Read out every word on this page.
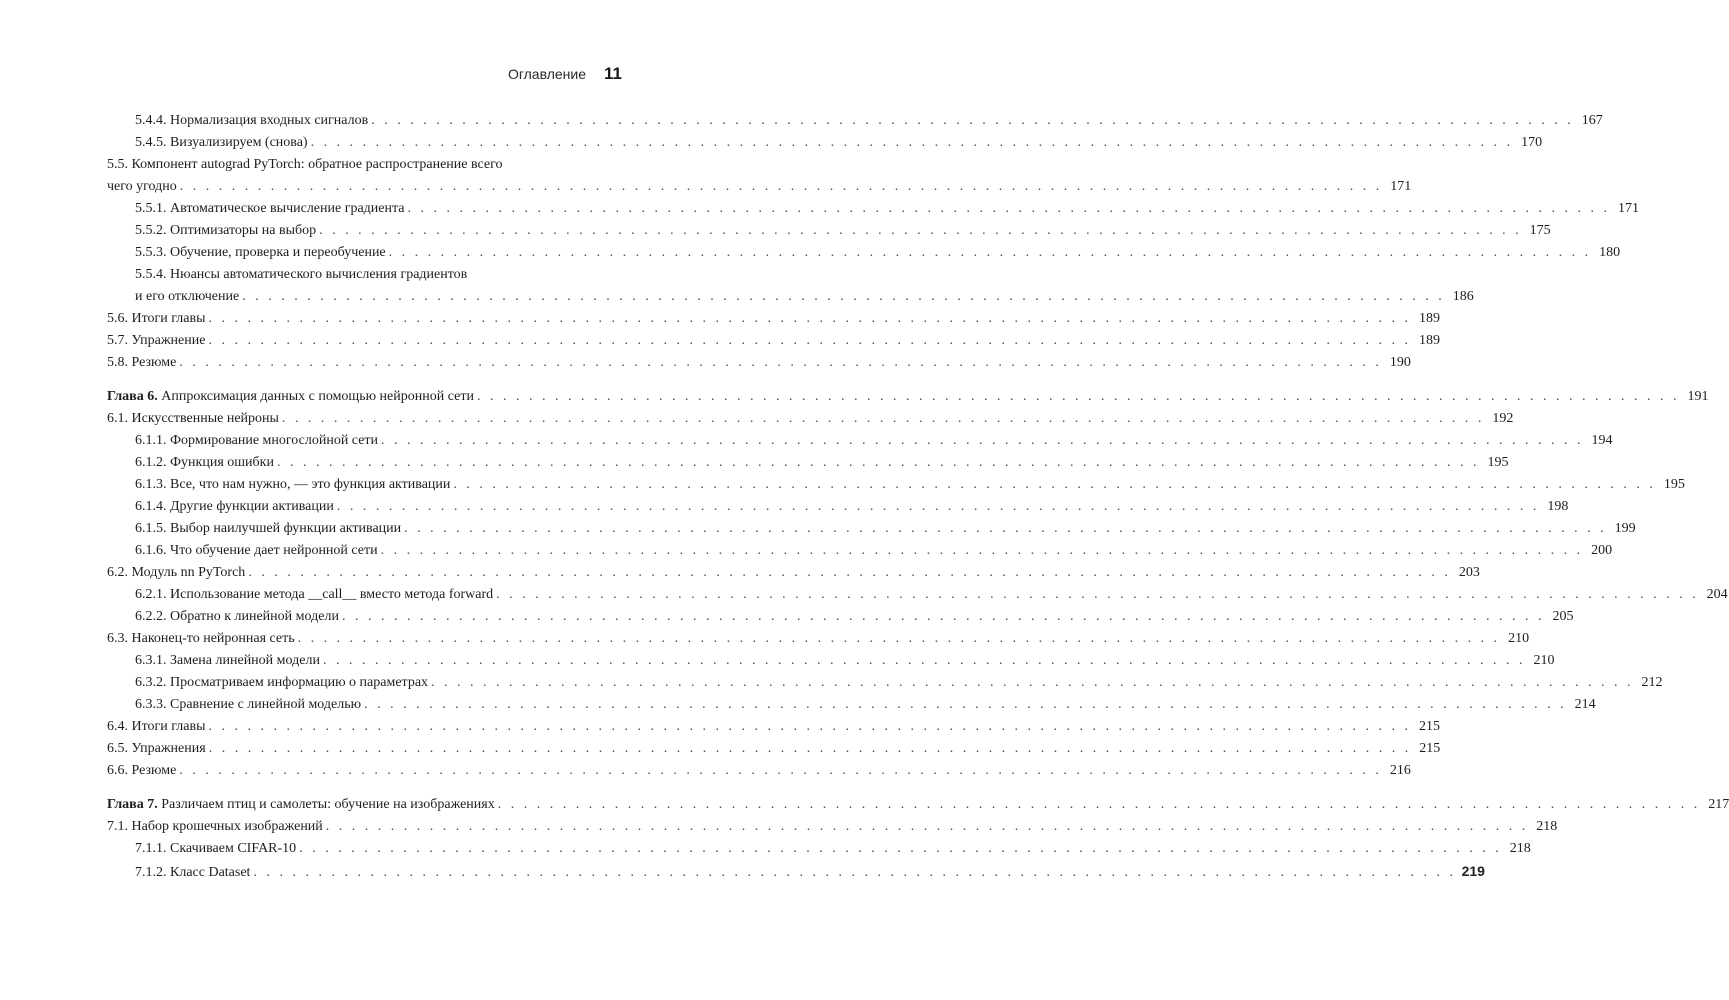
Оглавление 11
5.4.4. Нормализация входных сигналов . . .	167
5.4.5. Визуализируем (снова) . . .	170
5.5. Компонент autograd PyTorch: обратное распространение всего
чего угодно . . .	171
5.5.1. Автоматическое вычисление градиента . . .	171
5.5.2. Оптимизаторы на выбор . . .	175
5.5.3. Обучение, проверка и переобучение . . .	180
5.5.4. Нюансы автоматического вычисления градиентов
и его отключение . . .	186
5.6. Итоги главы . . .	189
5.7. Упражнение . . .	189
5.8. Резюме . . .	190
Глава 6. Аппроксимация данных с помощью нейронной сети . . .	191
6.1. Искусственные нейроны . . .	192
6.1.1. Формирование многослойной сети . . .	194
6.1.2. Функция ошибки . . .	195
6.1.3. Все, что нам нужно, — это функция активации . . .	195
6.1.4. Другие функции активации . . .	198
6.1.5. Выбор наилучшей функции активации . . .	199
6.1.6. Что обучение дает нейронной сети . . .	200
6.2. Модуль nn PyTorch . . .	203
6.2.1. Использование метода __call__ вместо метода forward . . .	204
6.2.2. Обратно к линейной модели . . .	205
6.3. Наконец-то нейронная сеть . . .	210
6.3.1. Замена линейной модели . . .	210
6.3.2. Просматриваем информацию о параметрах . . .	212
6.3.3. Сравнение с линейной моделью . . .	214
6.4. Итоги главы . . .	215
6.5. Упражнения . . .	215
6.6. Резюме . . .	216
Глава 7. Различаем птиц и самолеты: обучение на изображениях . . .	217
7.1. Набор крошечных изображений . . .	218
7.1.1. Скачиваем CIFAR-10 . . .	218
7.1.2. Класс Dataset . . .	219
